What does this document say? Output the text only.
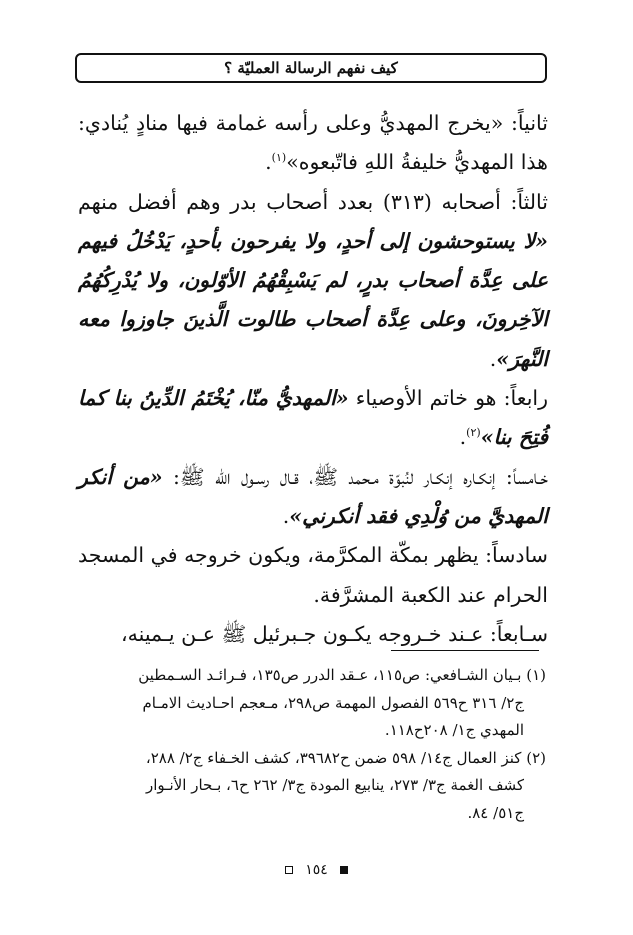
كيف نفهم الرسالة العمليّة ؟

ثانياً: «يخرج المهديُّ وعلى رأسه غمامة فيها منادٍ يُنادي: هذا المهديُّ خليفةُ اللهِ فاتّبعوه»$^{(١)}$.

ثالثاً: أصحابه (٣١٣) بعدد أصحاب بدر وهم أفضل منهم «لا يستوحشون إلى أحدٍ، ولا يفرحون بأحدٍ، يَدْخُلُ فيهم على عِدَّة أصحاب بدرٍ، لم يَسْبِقْهُمُ الأوّلون، ولا يُدْرِكُهُمُ الآخِرونَ، وعلى عِدَّة أصحاب طالوت الَّذينَ جاوزوا معه النَّهرَ».

رابعاً: هو خاتم الأوصياء «المهديُّ منّا، يُخْتَمُ الدِّينُ بنا كما فُتِحَ بنا»$^{(٢)}$.

خـامساً: إنكـاره إنكـار لنُبوّة مـحمد ﷺ، قـال رسـول الله ﷺ: «من أنكر المهديَّ من وُلْدِي فقد أنكرني».

سادساً: يظهر بمكّة المكرَّمة، ويكون خروجه في المسجد الحرام عند الكعبة المشرَّفة.

سـابعاً: عـند خـروجه يكـون جـبرئيل ﷺ عـن يـمينه،

(١) بـيان الشـافعي: ص١١٥، عـقد الدرر ص١٣٥، فـرائـد السـمطين

ج٢/ ٣١٦ ح٥٦٩ الفصول المهمة ص٢٩٨، مـعجم احـاديث الامـام

المهدي ج١/ ٢٠٨ح١١٨.

(٢) كنز العمال ج١٤/ ٥٩٨ ضمن ح٣٩٦٨٢، كشف الخـفاء ج٢/ ٢٨٨،

كشف الغمة ج٣/ ٢٧٣، ينابيع المودة ج٣/ ٢٦٢ ح٦، بـحار الأنـوار

ج٥١/ ٨٤.

١٥٤
